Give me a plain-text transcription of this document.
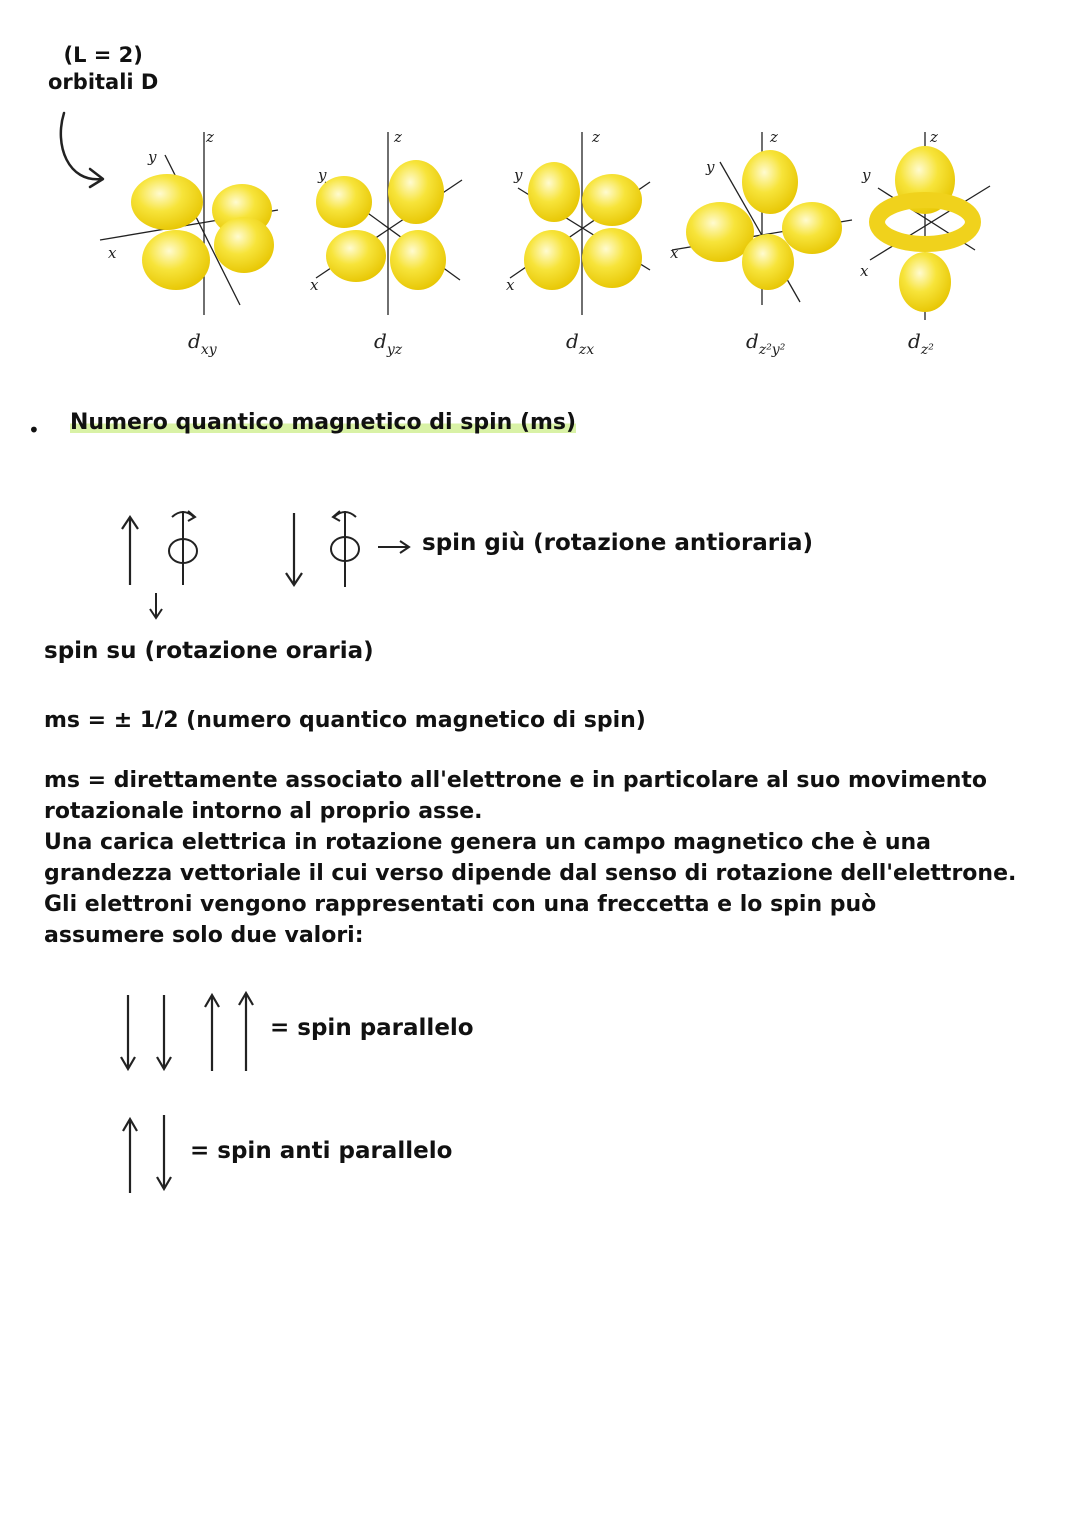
(L = 2)
orbitali D
z
y
x
$d_{xy}$
z
y
x
$d_{yz}$
z
y
x
$d_{zx}$
z
y
x
$d_{z^2y^2}$
z
y
x
$d_{z^2}$
• Numero quantico magnetico di spin (ms)
spin giù (rotazione antioraria)
spin su (rotazione oraria)
ms = ± 1/2 (numero quantico magnetico di spin)
ms = direttamente associato all'elettrone e in particolare al suo movimento
rotazionale intorno al proprio asse.
Una carica elettrica in rotazione genera un campo magnetico che è una
grandezza vettoriale il cui verso dipende dal senso di rotazione dell'elettrone.
Gli elettroni vengono rappresentati con una freccetta e lo spin può
assumere solo due valori:
= spin parallelo
= spin anti parallelo
